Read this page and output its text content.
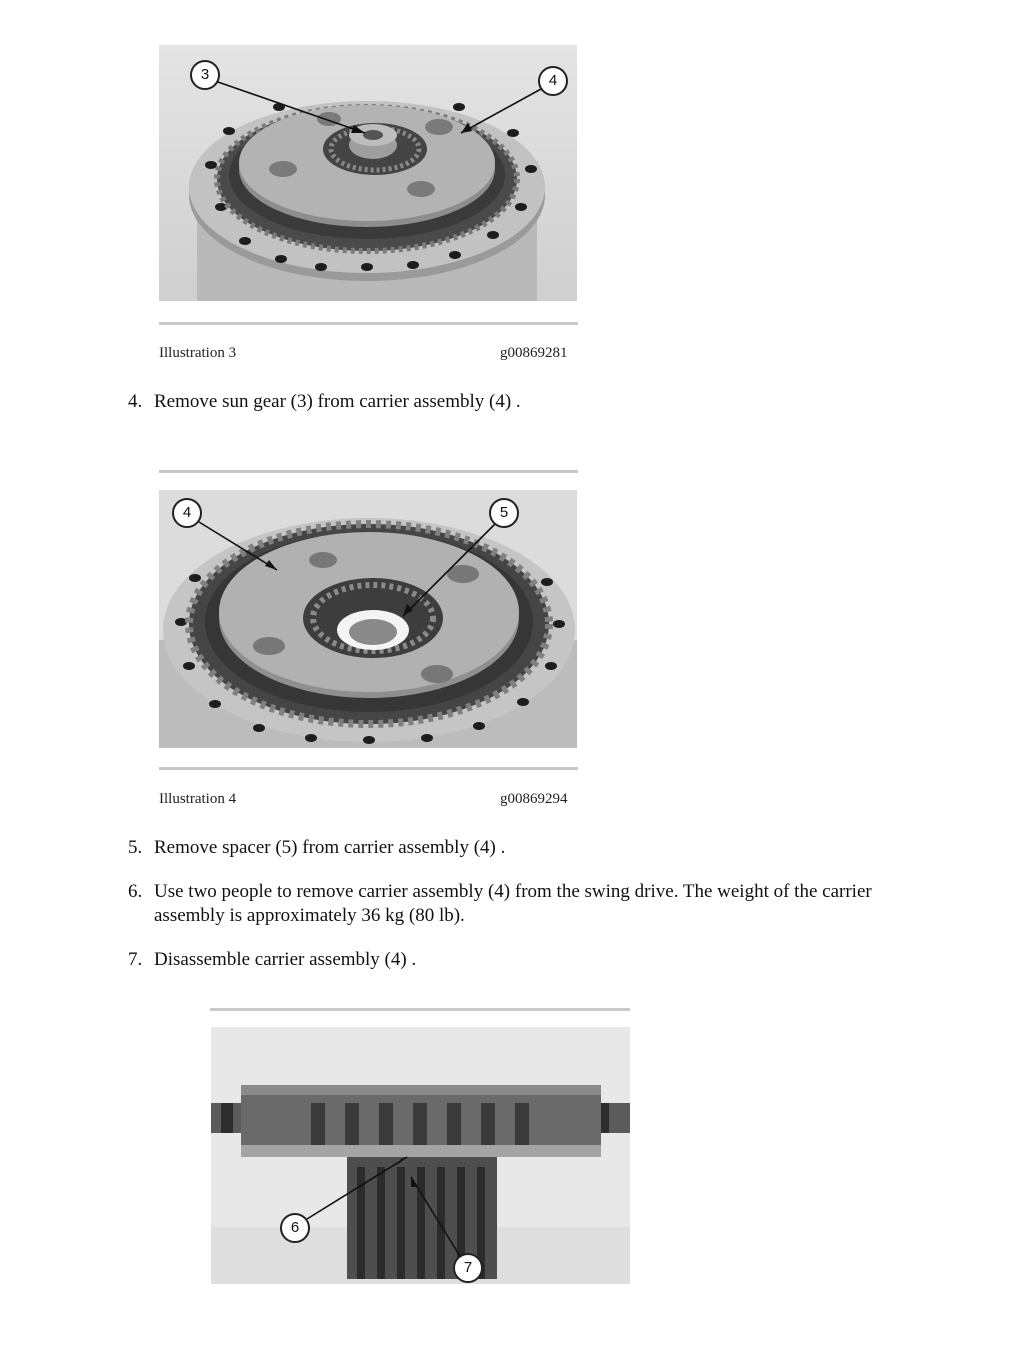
3	4
Illustration 3	g00869281
4. Remove sun gear (3) from carrier assembly (4) .
4	5
Illustration 4	g00869294
5. Remove spacer (5) from carrier assembly (4) .
6. Use two people to remove carrier assembly (4) from the swing drive. The weight of the carrier assembly is approximately 36 kg (80 lb).
7. Disassemble carrier assembly (4) .
6
7
